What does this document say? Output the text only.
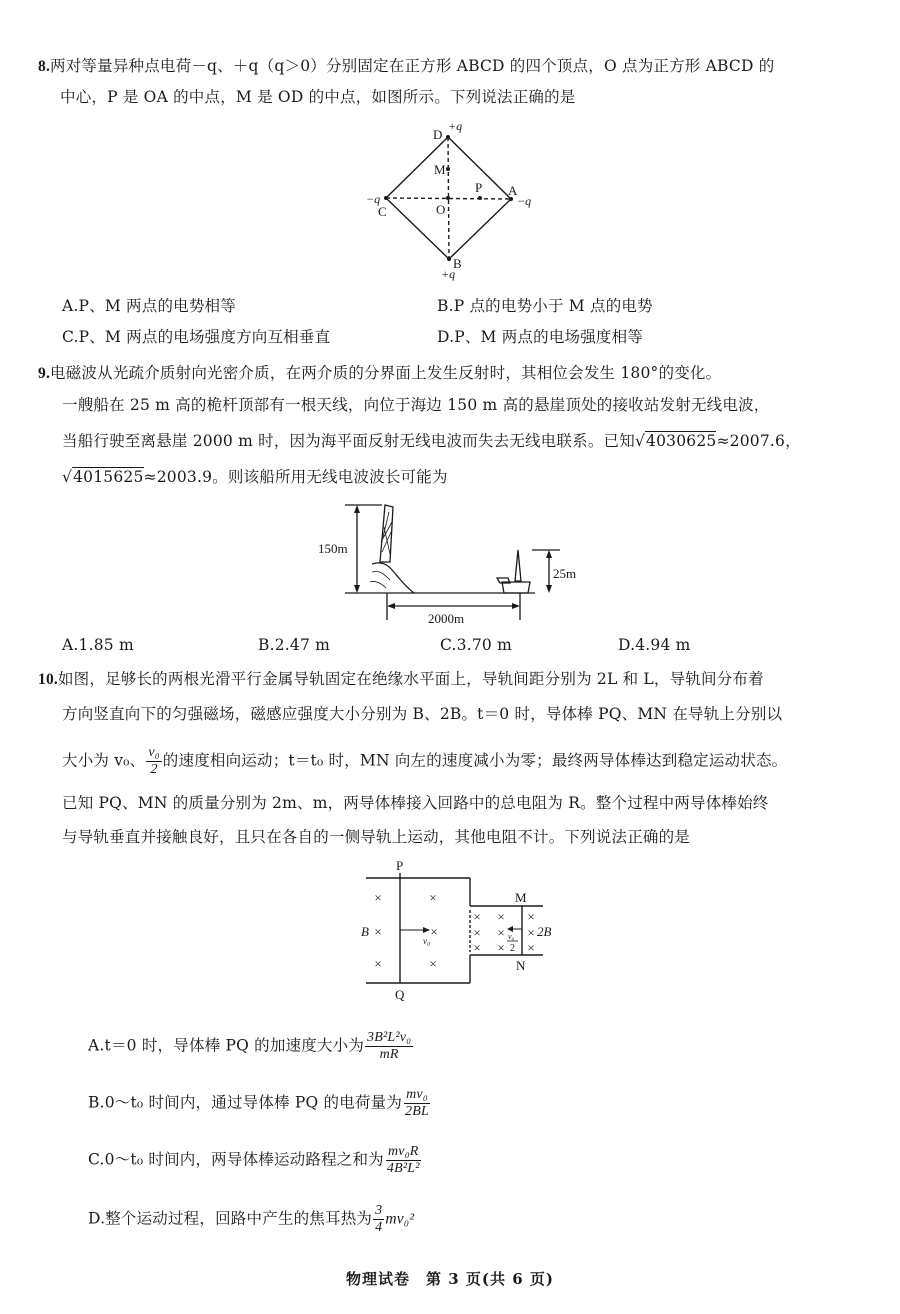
8.两对等量异种点电荷－q、＋q（q＞0）分别固定在正方形 ABCD 的四个顶点，O 点为正方形 ABCD 的
中心，P 是 OA 的中点，M 是 OD 的中点，如图所示。下列说法正确的是
D
+q
A
−q
B
+q
C
−q
O
P
M
A.P、M 两点的电势相等	B.P 点的电势小于 M 点的电势
C.P、M 两点的电场强度方向互相垂直	D.P、M 两点的电场强度相等
9.电磁波从光疏介质射向光密介质，在两介质的分界面上发生反射时，其相位会发生 180°的变化。
一艘船在 25 m 高的桅杆顶部有一根天线，向位于海边 150 m 高的悬崖顶处的接收站发射无线电波，
当船行驶至离悬崖 2000 m 时，因为海平面反射无线电波而失去无线电联系。已知√4030625≈2007.6，
√4015625≈2003.9。则该船所用无线电波波长可能为
150m
25m
2000m
A.1.85 m	B.2.47 m	C.3.70 m	D.4.94 m
10.如图，足够长的两根光滑平行金属导轨固定在绝缘水平面上，导轨间距分别为 2L 和 L，导轨间分布着
方向竖直向下的匀强磁场，磁感应强度大小分别为 B、2B。t＝0 时，导体棒 PQ、MN 在导轨上分别以
大小为 v₀、 $\frac{\text{v₀}}{2}$ 的速度相向运动；t＝t₀ 时，MN 向左的速度减小为零；最终两导体棒达到稳定运动状态。
已知 PQ、MN 的质量分别为 2m、m，两导体棒接入回路中的总电阻为 R。整个过程中两导体棒始终
与导轨垂直并接触良好，且只在各自的一侧导轨上运动，其他电阻不计。下列说法正确的是
×	×
×	×
×	×
× × ×
× × ×
× × ×
P
Q
M
N
B	2B
v₀	v₀
2
A.t＝0 时，导体棒 PQ 的加速度大小为 $\frac{\text{3B²L²v₀}}{mR}$
B.0～t₀ 时间内，通过导体棒 PQ 的电荷量为 $\frac{\text{mv₀}}{2BL}$
C.0～t₀ 时间内，两导体棒运动路程之和为 $\frac{\text{mv₀R}}{\text{4B²L²}}$
D.整个运动过程，回路中产生的焦耳热为 $\frac{3}{4} mv_0^2$
物理试卷　第 3 页(共 6 页)
